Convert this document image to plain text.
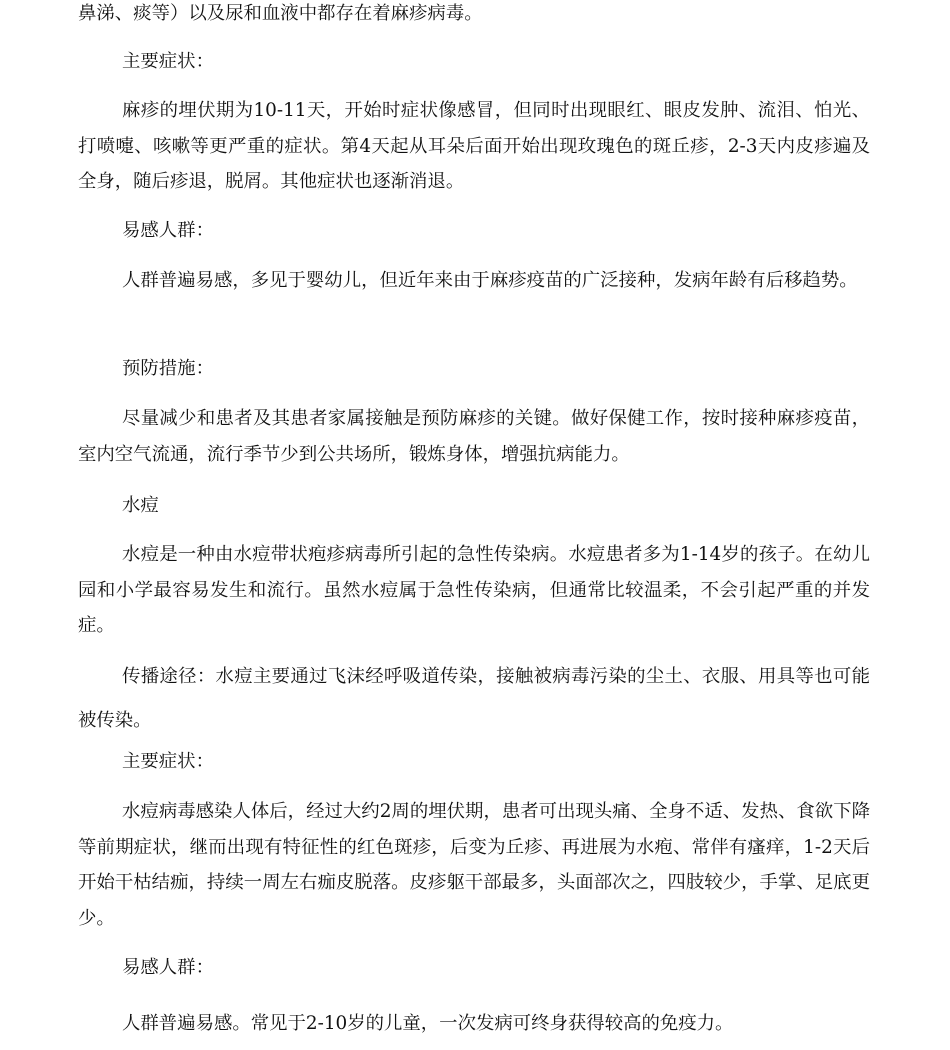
鼻涕、痰等）以及尿和血液中都存在着麻疹病毒。

主要症状：

麻疹的埋伏期为10-11天，开始时症状像感冒，但同时出现眼红、眼皮发肿、流泪、怕光、打喷嚏、咳嗽等更严重的症状。第4天起从耳朵后面开始出现玫瑰色的斑丘疹，2-3天内皮疹遍及全身，随后疹退，脱屑。其他症状也逐渐消退。

易感人群：

人群普遍易感，多见于婴幼儿，但近年来由于麻疹疫苗的广泛接种，发病年龄有后移趋势。

预防措施：

尽量减少和患者及其患者家属接触是预防麻疹的关键。做好保健工作，按时接种麻疹疫苗，室内空气流通，流行季节少到公共场所，锻炼身体，增强抗病能力。

水痘

水痘是一种由水痘带状疱疹病毒所引起的急性传染病。水痘患者多为1-14岁的孩子。在幼儿园和小学最容易发生和流行。虽然水痘属于急性传染病，但通常比较温柔，不会引起严重的并发症。

传播途径：水痘主要通过飞沫经呼吸道传染，接触被病毒污染的尘土、衣服、用具等也可能被传染。

主要症状：

水痘病毒感染人体后，经过大约2周的埋伏期，患者可出现头痛、全身不适、发热、食欲下降等前期症状，继而出现有特征性的红色斑疹，后变为丘疹、再进展为水疱、常伴有瘙痒，1-2天后开始干枯结痂，持续一周左右痂皮脱落。皮疹躯干部最多，头面部次之，四肢较少，手掌、足底更少。

易感人群：

人群普遍易感。常见于2-10岁的儿童，一次发病可终身获得较高的免疫力。
